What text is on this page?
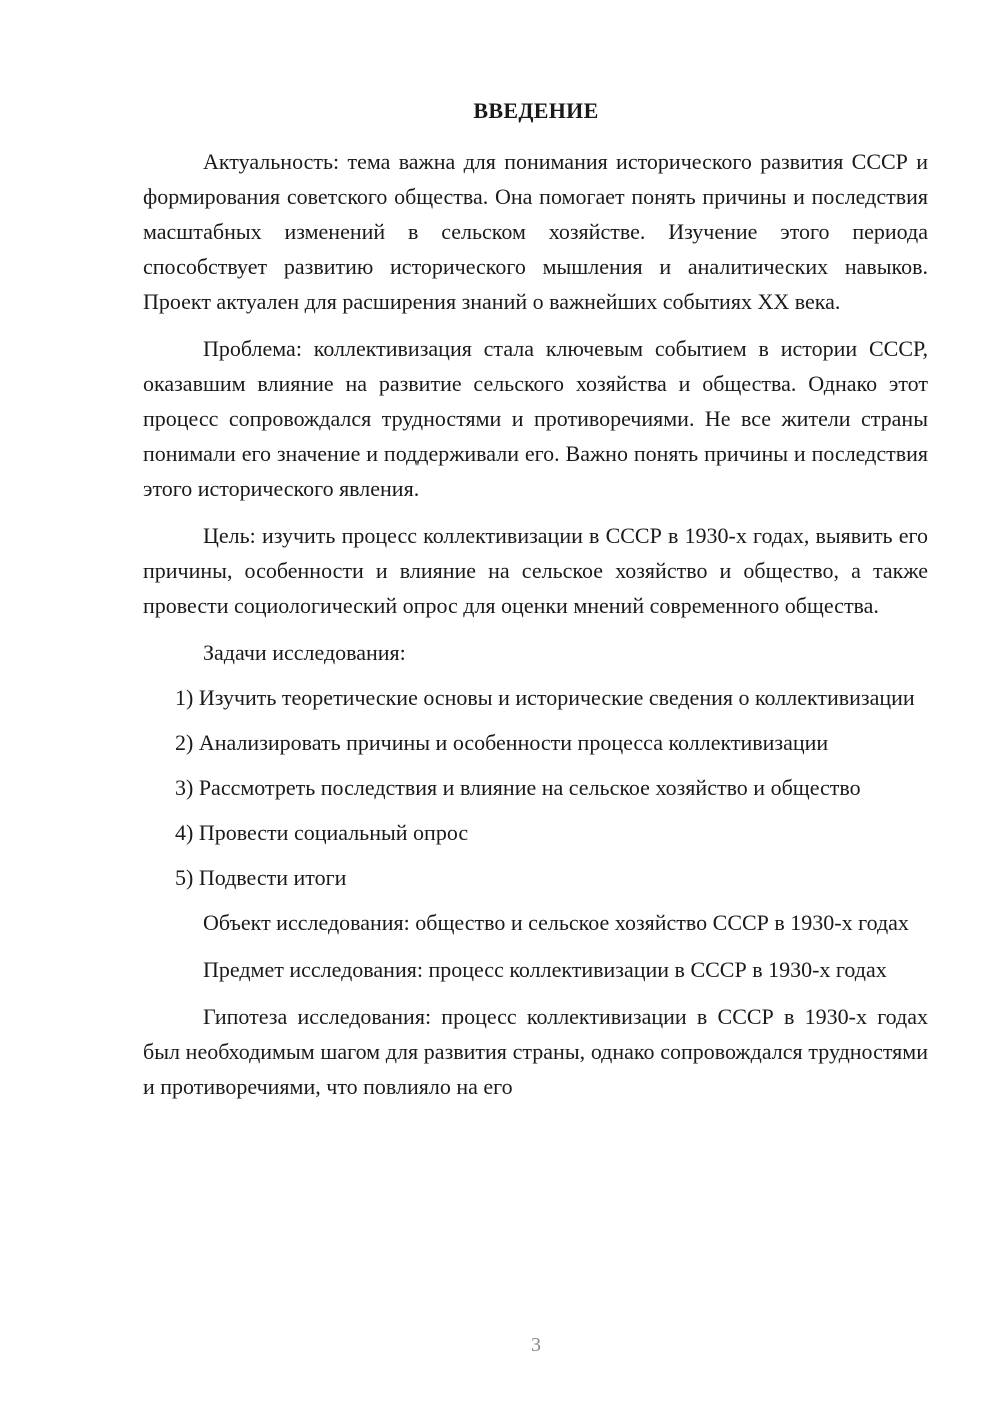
ВВЕДЕНИЕ

Актуальность: тема важна для понимания исторического развития СССР и формирования советского общества. Она помогает понять причины и последствия масштабных изменений в сельском хозяйстве. Изучение этого периода способствует развитию исторического мышления и аналитических навыков. Проект актуален для расширения знаний о важнейших событиях XX века.

Проблема: коллективизация стала ключевым событием в истории СССР, оказавшим влияние на развитие сельского хозяйства и общества. Однако этот процесс сопровождался трудностями и противоречиями. Не все жители страны понимали его значение и поддерживали его. Важно понять причины и последствия этого исторического явления.

Цель: изучить процесс коллективизации в СССР в 1930-х годах, выявить его причины, особенности и влияние на сельское хозяйство и общество, а также провести социологический опрос для оценки мнений современного общества.

Задачи исследования:

1) Изучить теоретические основы и исторические сведения о коллективизации

2) Анализировать причины и особенности процесса коллективизации

3) Рассмотреть последствия и влияние на сельское хозяйство и общество

4) Провести социальный опрос

5) Подвести итоги

Объект исследования: общество и сельское хозяйство СССР в 1930-х годах

Предмет исследования: процесс коллективизации в СССР в 1930-х годах

Гипотеза исследования: процесс коллективизации в СССР в 1930-х годах был необходимым шагом для развития страны, однако сопровождался трудностями и противоречиями, что повлияло на его

3
